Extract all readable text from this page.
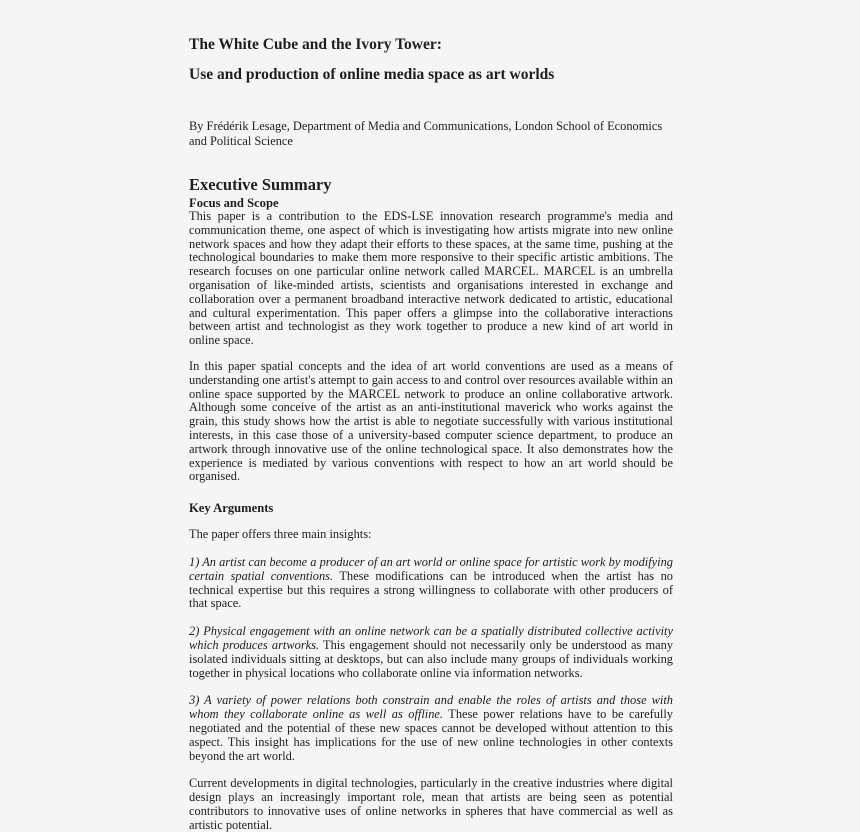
The White Cube and the Ivory Tower:
Use and production of online media space as art worlds
By Frédérik Lesage, Department of Media and Communications, London School of Economics and Political Science
Executive Summary
Focus and Scope

This paper is a contribution to the EDS-LSE innovation research programme's media and communication theme, one aspect of which is investigating how artists migrate into new online network spaces and how they adapt their efforts to these spaces, at the same time, pushing at the technological boundaries to make them more responsive to their specific artistic ambitions. The research focuses on one particular online network called MARCEL. MARCEL is an umbrella organisation of like-minded artists, scientists and organisations interested in exchange and collaboration over a permanent broadband interactive network dedicated to artistic, educational and cultural experimentation. This paper offers a glimpse into the collaborative interactions between artist and technologist as they work together to produce a new kind of art world in online space.

In this paper spatial concepts and the idea of art world conventions are used as a means of understanding one artist's attempt to gain access to and control over resources available within an online space supported by the MARCEL network to produce an online collaborative artwork. Although some conceive of the artist as an anti-institutional maverick who works against the grain, this study shows how the artist is able to negotiate successfully with various institutional interests, in this case those of a university-based computer science department, to produce an artwork through innovative use of the online technological space. It also demonstrates how the experience is mediated by various conventions with respect to how an art world should be organised.

Key Arguments

The paper offers three main insights:

1) An artist can become a producer of an art world or online space for artistic work by modifying certain spatial conventions. These modifications can be introduced when the artist has no technical expertise but this requires a strong willingness to collaborate with other producers of that space.

2) Physical engagement with an online network can be a spatially distributed collective activity which produces artworks. This engagement should not necessarily only be understood as many isolated individuals sitting at desktops, but can also include many groups of individuals working together in physical locations who collaborate online via information networks.

3) A variety of power relations both constrain and enable the roles of artists and those with whom they collaborate online as well as offline. These power relations have to be carefully negotiated and the potential of these new spaces cannot be developed without attention to this aspect. This insight has implications for the use of new online technologies in other contexts beyond the art world.

Current developments in digital technologies, particularly in the creative industries where digital design plays an increasingly important role, mean that artists are being seen as potential contributors to innovative uses of online networks in spheres that have commercial as well as artistic potential.
